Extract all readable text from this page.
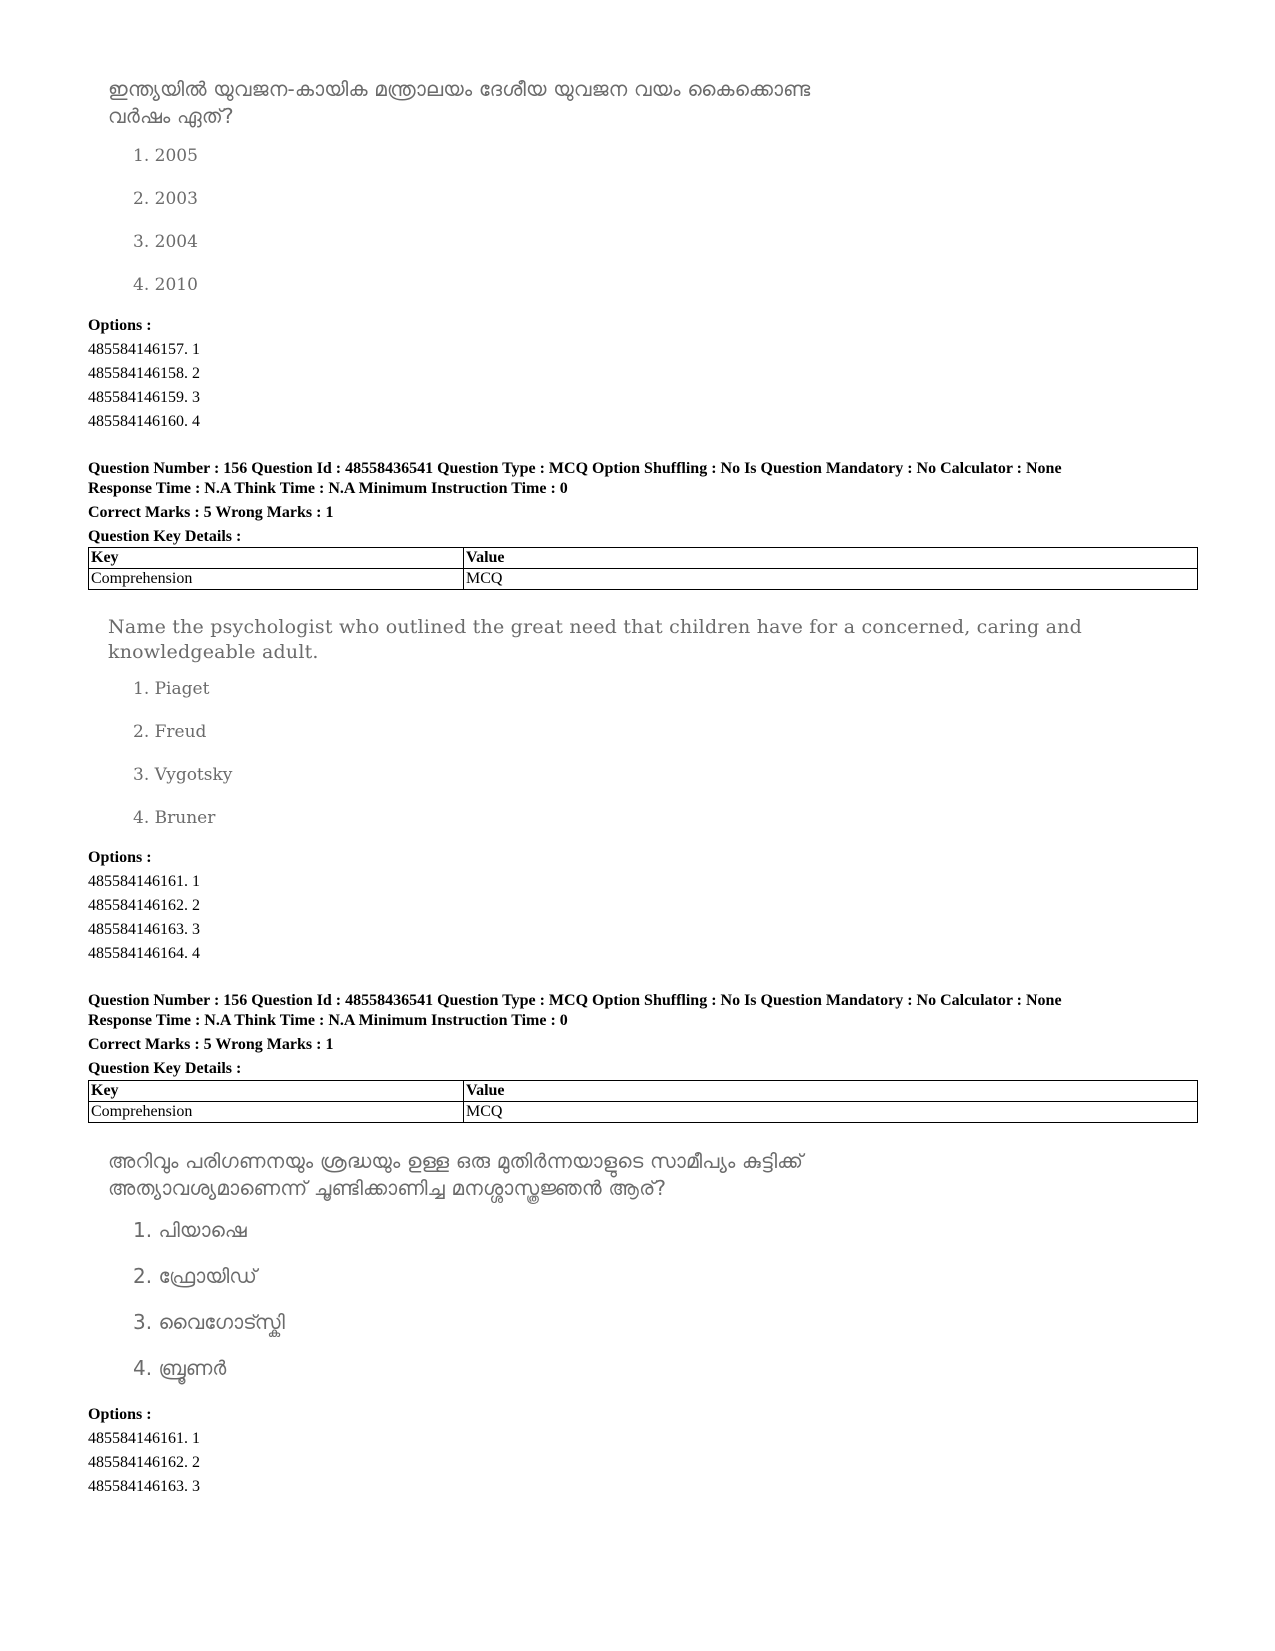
ഇന്ത്യയിൽ യുവജന-കായിക മന്ത്രാലയം ദേശീയ യുവജന വയം കൈക്കൊണ്ട
വർഷം ഏത്?
1. 2005
2. 2003
3. 2004
4. 2010
Options :
485584146157. 1
485584146158. 2
485584146159. 3
485584146160. 4
Question Number : 156 Question Id : 48558436541 Question Type : MCQ Option Shuffling : No Is Question Mandatory : No Calculator : None
Response Time : N.A Think Time : N.A Minimum Instruction Time : 0
Correct Marks : 5 Wrong Marks : 1
Question Key Details :
Key	Value
Comprehension	MCQ
Name the psychologist who outlined the great need that children have for a concerned, caring and
knowledgeable adult.
1. Piaget
2. Freud
3. Vygotsky
4. Bruner
Options :
485584146161. 1
485584146162. 2
485584146163. 3
485584146164. 4
Question Number : 156 Question Id : 48558436541 Question Type : MCQ Option Shuffling : No Is Question Mandatory : No Calculator : None
Response Time : N.A Think Time : N.A Minimum Instruction Time : 0
Correct Marks : 5 Wrong Marks : 1
Question Key Details :
Key	Value
Comprehension	MCQ
അറിവും പരിഗണനയും ശ്രദ്ധയും ഉള്ള ഒരു മുതിർന്നയാളുടെ സാമീപ്യം കുട്ടിക്ക്
അത്യാവശ്യമാണെന്ന് ചൂണ്ടിക്കാണിച്ച മനശ്ശാസ്ത്രജ്ഞൻ ആര്?
1. പിയാഷെ
2. ഫ്രോയിഡ്
3. വൈഗോട്സ്കി
4. ബ്രൂണർ
Options :
485584146161. 1
485584146162. 2
485584146163. 3
